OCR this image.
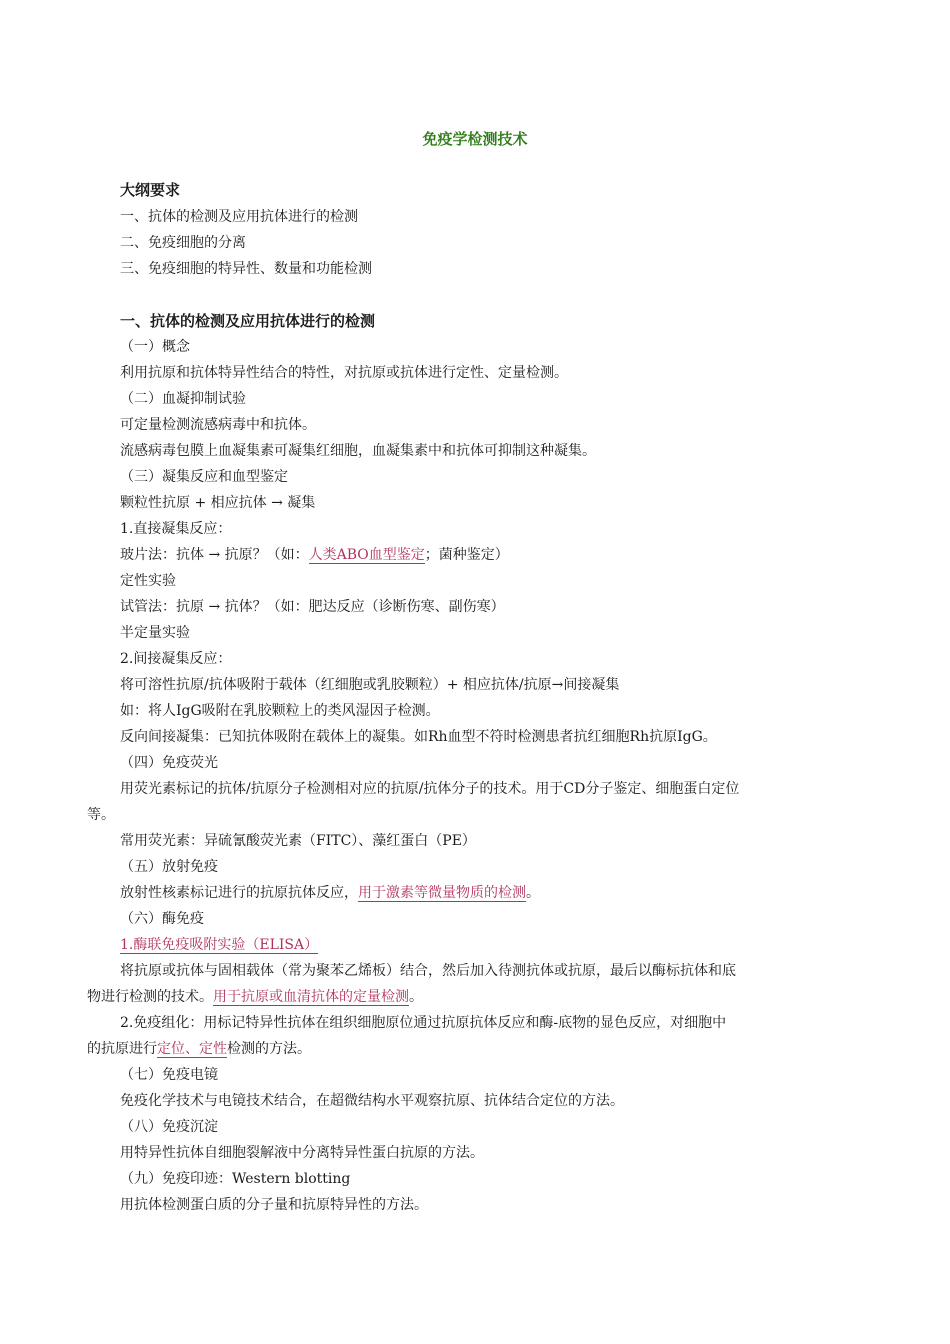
免疫学检测技术
大纲要求
一、抗体的检测及应用抗体进行的检测
二、免疫细胞的分离
三、免疫细胞的特异性、数量和功能检测
一、抗体的检测及应用抗体进行的检测
（一）概念
利用抗原和抗体特异性结合的特性，对抗原或抗体进行定性、定量检测。
（二）血凝抑制试验
可定量检测流感病毒中和抗体。
流感病毒包膜上血凝集素可凝集红细胞，血凝集素中和抗体可抑制这种凝集。
（三）凝集反应和血型鉴定
颗粒性抗原 + 相应抗体 → 凝集
1.直接凝集反应：
玻片法：抗体 → 抗原？（如：人类ABO血型鉴定；菌种鉴定）
定性实验
试管法：抗原 → 抗体？（如：肥达反应（诊断伤寒、副伤寒）
半定量实验
2.间接凝集反应：
将可溶性抗原/抗体吸附于载体（红细胞或乳胶颗粒）+ 相应抗体/抗原→间接凝集
如：将人IgG吸附在乳胶颗粒上的类风湿因子检测。
反向间接凝集：已知抗体吸附在载体上的凝集。如Rh血型不符时检测患者抗红细胞Rh抗原IgG。
（四）免疫荧光
用荧光素标记的抗体/抗原分子检测相对应的抗原/抗体分子的技术。用于CD分子鉴定、细胞蛋白定位
等。
常用荧光素：异硫氰酸荧光素（FITC）、藻红蛋白（PE）
（五）放射免疫
放射性核素标记进行的抗原抗体反应，用于激素等微量物质的检测。
（六）酶免疫
1.酶联免疫吸附实验（ELISA）
将抗原或抗体与固相载体（常为聚苯乙烯板）结合，然后加入待测抗体或抗原，最后以酶标抗体和底
物进行检测的技术。用于抗原或血清抗体的定量检测。
2.免疫组化：用标记特异性抗体在组织细胞原位通过抗原抗体反应和酶-底物的显色反应，对细胞中
的抗原进行定位、定性检测的方法。
（七）免疫电镜
免疫化学技术与电镜技术结合，在超微结构水平观察抗原、抗体结合定位的方法。
（八）免疫沉淀
用特异性抗体自细胞裂解液中分离特异性蛋白抗原的方法。
（九）免疫印迹：Western blotting
用抗体检测蛋白质的分子量和抗原特异性的方法。
